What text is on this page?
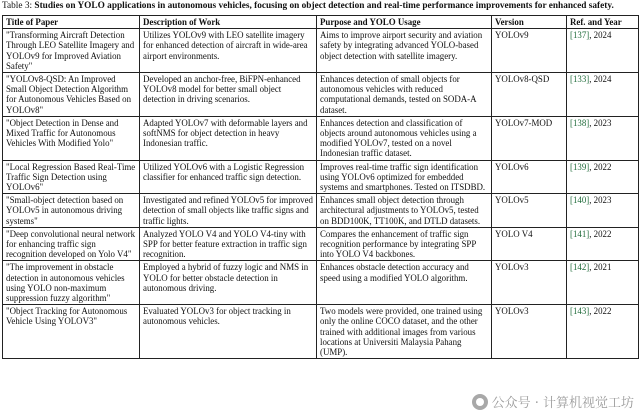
Table 3: Studies on YOLO applications in autonomous vehicles, focusing on object detection and real-time performance improvements for enhanced safety.
Title of Paper	Description of Work	Purpose and YOLO Usage	Version	Ref. and Year
"Transforming Aircraft Detection Through LEO Satellite Imagery and YOLOv9 for Improved Aviation Safety"	Utilizes YOLOv9 with LEO satellite imagery for enhanced detection of aircraft in wide-area airport environments.	Aims to improve airport security and aviation safety by integrating advanced YOLO-based object detection with satellite imagery.	YOLOv9	[137], 2024
"YOLOv8-QSD: An Improved Small Object Detection Algorithm for Autonomous Vehicles Based on YOLOv8"	Developed an anchor-free, BiFPN-enhanced YOLOv8 model for better small object detection in driving scenarios.	Enhances detection of small objects for autonomous vehicles with reduced computational demands, tested on SODA-A dataset.	YOLOv8-QSD	[133], 2024
"Object Detection in Dense and Mixed Traffic for Autonomous Vehicles With Modified Yolo"	Adapted YOLOv7 with deformable layers and softNMS for object detection in heavy Indonesian traffic.	Enhances detection and classification of objects around autonomous vehicles using a modified YOLOv7, tested on a novel Indonesian traffic dataset.	YOLOv7-MOD	[138], 2023
"Local Regression Based Real-Time Traffic Sign Detection using YOLOv6"	Utilized YOLOv6 with a Logistic Regression classifier for enhanced traffic sign detection.	Improves real-time traffic sign identification using YOLOv6 optimized for embedded systems and smartphones. Tested on ITSDBD.	YOLOv6	[139], 2022
"Small-object detection based on YOLOv5 in autonomous driving systems"	Investigated and refined YOLOv5 for improved detection of small objects like traffic signs and traffic lights.	Enhances small object detection through architectural adjustments to YOLOv5, tested on BDD100K, TT100K, and DTLD datasets.	YOLOv5	[140], 2023
"Deep convolutional neural network for enhancing traffic sign recognition developed on Yolo V4"	Analyzed YOLO V4 and YOLO V4-tiny with SPP for better feature extraction in traffic sign recognition.	Compares the enhancement of traffic sign recognition performance by integrating SPP into YOLO V4 backbones.	YOLO V4	[141], 2022
"The improvement in obstacle detection in autonomous vehicles using YOLO non-maximum suppression fuzzy algorithm"	Employed a hybrid of fuzzy logic and NMS in YOLO for better obstacle detection in autonomous driving.	Enhances obstacle detection accuracy and speed using a modified YOLO algorithm.	YOLOv3	[142], 2021
"Object Tracking for Autonomous Vehicle Using YOLOV3"	Evaluated YOLOv3 for object tracking in autonomous vehicles.	Two models were provided, one trained using only the online COCO dataset, and the other trained with additional images from various locations at Universiti Malaysia Pahang (UMP).	YOLOv3	[143], 2022
公众号 · 计算机视觉工坊
